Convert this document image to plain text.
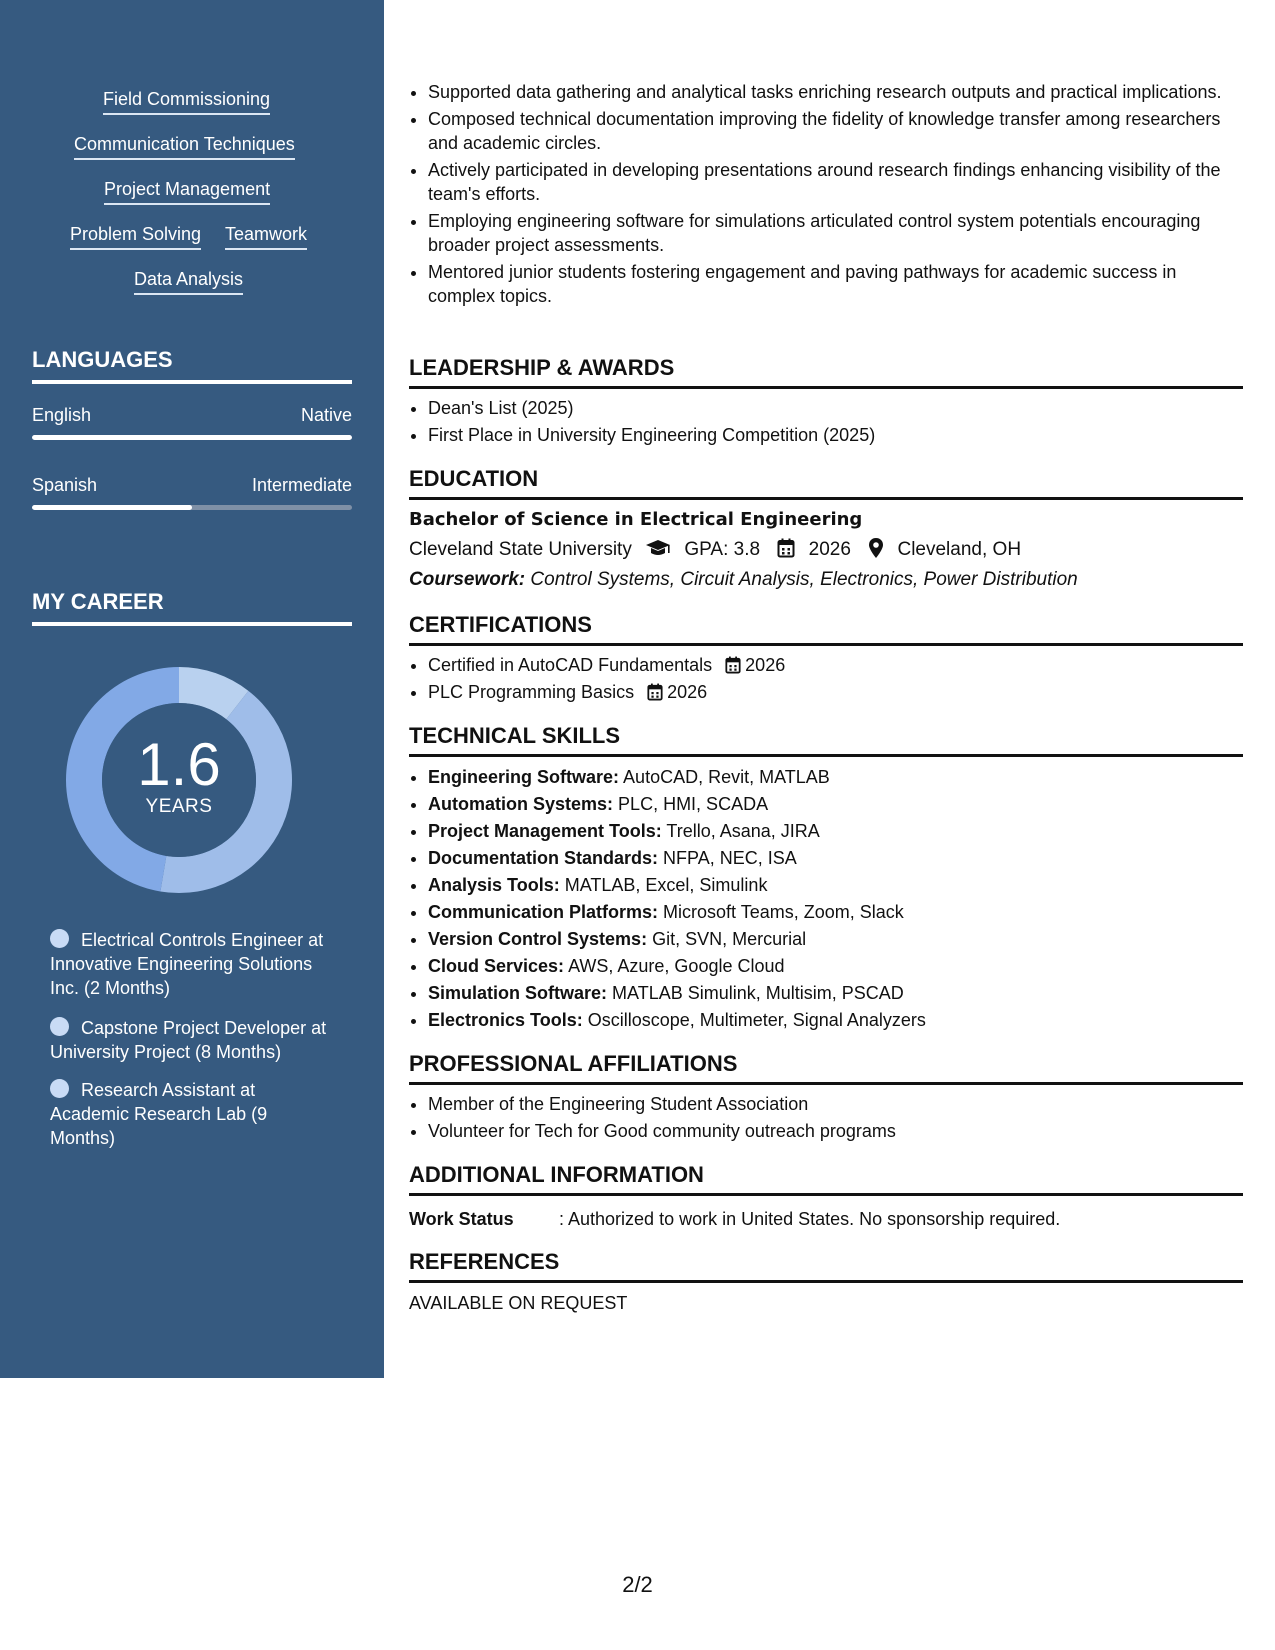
Field Commissioning
Communication Techniques
Project Management
Problem Solving Teamwork
Data Analysis
LANGUAGES
English	Native
Spanish	Intermediate
MY CAREER
1.6
YEARS
Electrical Controls Engineer at Innovative Engineering Solutions Inc. (2 Months)
Capstone Project Developer at University Project (8 Months)
Research Assistant at Academic Research Lab (9 Months)
• Supported data gathering and analytical tasks enriching research outputs and practical implications.
• Composed technical documentation improving the fidelity of knowledge transfer among researchers and academic circles.
• Actively participated in developing presentations around research findings enhancing visibility of the team's efforts.
• Employing engineering software for simulations articulated control system potentials encouraging broader project assessments.
• Mentored junior students fostering engagement and paving pathways for academic success in complex topics.
LEADERSHIP & AWARDS
• Dean's List (2025)
• First Place in University Engineering Competition (2025)
EDUCATION
Bachelor of Science in Electrical Engineering
Cleveland State University	GPA: 3.8	2026 Cleveland, OH
Coursework: Control Systems, Circuit Analysis, Electronics, Power Distribution
CERTIFICATIONS
• Certified in AutoCAD Fundamentals 2026
• PLC Programming Basics 2026
TECHNICAL SKILLS
• Engineering Software: AutoCAD, Revit, MATLAB
• Automation Systems: PLC, HMI, SCADA
• Project Management Tools: Trello, Asana, JIRA
• Documentation Standards: NFPA, NEC, ISA
• Analysis Tools: MATLAB, Excel, Simulink
• Communication Platforms: Microsoft Teams, Zoom, Slack
• Version Control Systems: Git, SVN, Mercurial
• Cloud Services: AWS, Azure, Google Cloud
• Simulation Software: MATLAB Simulink, Multisim, PSCAD
• Electronics Tools: Oscilloscope, Multimeter, Signal Analyzers
PROFESSIONAL AFFILIATIONS
• Member of the Engineering Student Association
• Volunteer for Tech for Good community outreach programs
ADDITIONAL INFORMATION
Work Status	: Authorized to work in United States. No sponsorship required.
REFERENCES
AVAILABLE ON REQUEST
2/2
